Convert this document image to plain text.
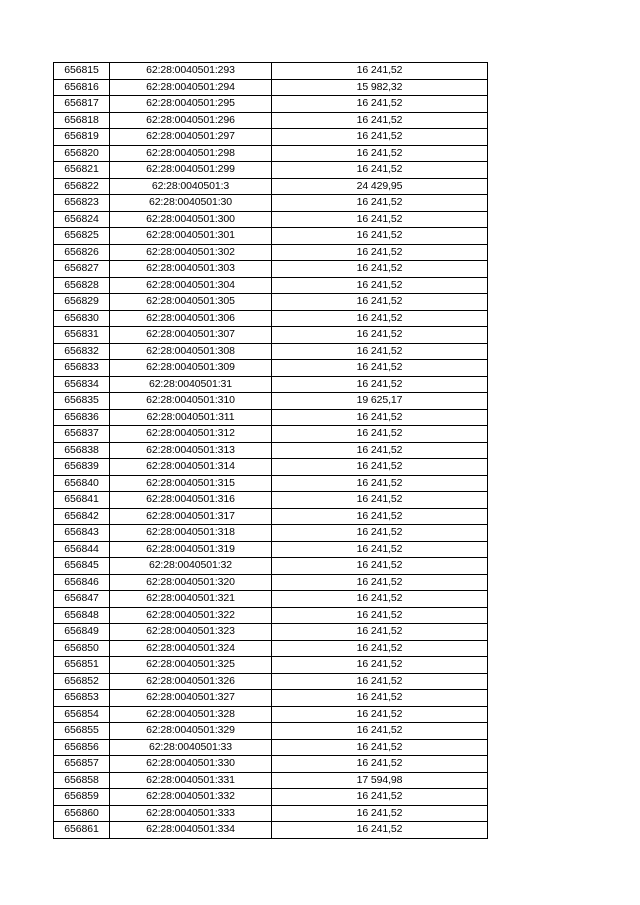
656815	62:28:0040501:293	16 241,52
656816	62:28:0040501:294	15 982,32
656817	62:28:0040501:295	16 241,52
656818	62:28:0040501:296	16 241,52
656819	62:28:0040501:297	16 241,52
656820	62:28:0040501:298	16 241,52
656821	62:28:0040501:299	16 241,52
656822	62:28:0040501:3	24 429,95
656823	62:28:0040501:30	16 241,52
656824	62:28:0040501:300	16 241,52
656825	62:28:0040501:301	16 241,52
656826	62:28:0040501:302	16 241,52
656827	62:28:0040501:303	16 241,52
656828	62:28:0040501:304	16 241,52
656829	62:28:0040501:305	16 241,52
656830	62:28:0040501:306	16 241,52
656831	62:28:0040501:307	16 241,52
656832	62:28:0040501:308	16 241,52
656833	62:28:0040501:309	16 241,52
656834	62:28:0040501:31	16 241,52
656835	62:28:0040501:310	19 625,17
656836	62:28:0040501:311	16 241,52
656837	62:28:0040501:312	16 241,52
656838	62:28:0040501:313	16 241,52
656839	62:28:0040501:314	16 241,52
656840	62:28:0040501:315	16 241,52
656841	62:28:0040501:316	16 241,52
656842	62:28:0040501:317	16 241,52
656843	62:28:0040501:318	16 241,52
656844	62:28:0040501:319	16 241,52
656845	62:28:0040501:32	16 241,52
656846	62:28:0040501:320	16 241,52
656847	62:28:0040501:321	16 241,52
656848	62:28:0040501:322	16 241,52
656849	62:28:0040501:323	16 241,52
656850	62:28:0040501:324	16 241,52
656851	62:28:0040501:325	16 241,52
656852	62:28:0040501:326	16 241,52
656853	62:28:0040501:327	16 241,52
656854	62:28:0040501:328	16 241,52
656855	62:28:0040501:329	16 241,52
656856	62:28:0040501:33	16 241,52
656857	62:28:0040501:330	16 241,52
656858	62:28:0040501:331	17 594,98
656859	62:28:0040501:332	16 241,52
656860	62:28:0040501:333	16 241,52
656861	62:28:0040501:334	16 241,52
